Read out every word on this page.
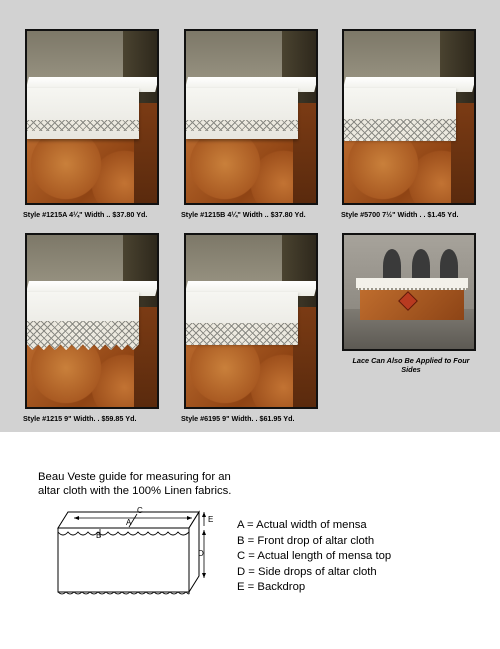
Style #1215A 4¼" Width .. $37.80 Yd.	Style #1215B 4¼" Width .. $37.80 Yd.	Style #5700 7½" Width . . $1.45 Yd.
Style #1215 9" Width. . $59.85 Yd.	Style #6195 9" Width. . $61.95 Yd.
Lace Can Also Be Applied to Four Sides
Beau Veste guide for measuring for an altar cloth with the 100% Linen fabrics.
C
A
B
E
D
A = Actual width of mensa
B = Front drop of altar cloth
C = Actual length of mensa top
D = Side drops of altar cloth
E = Backdrop
